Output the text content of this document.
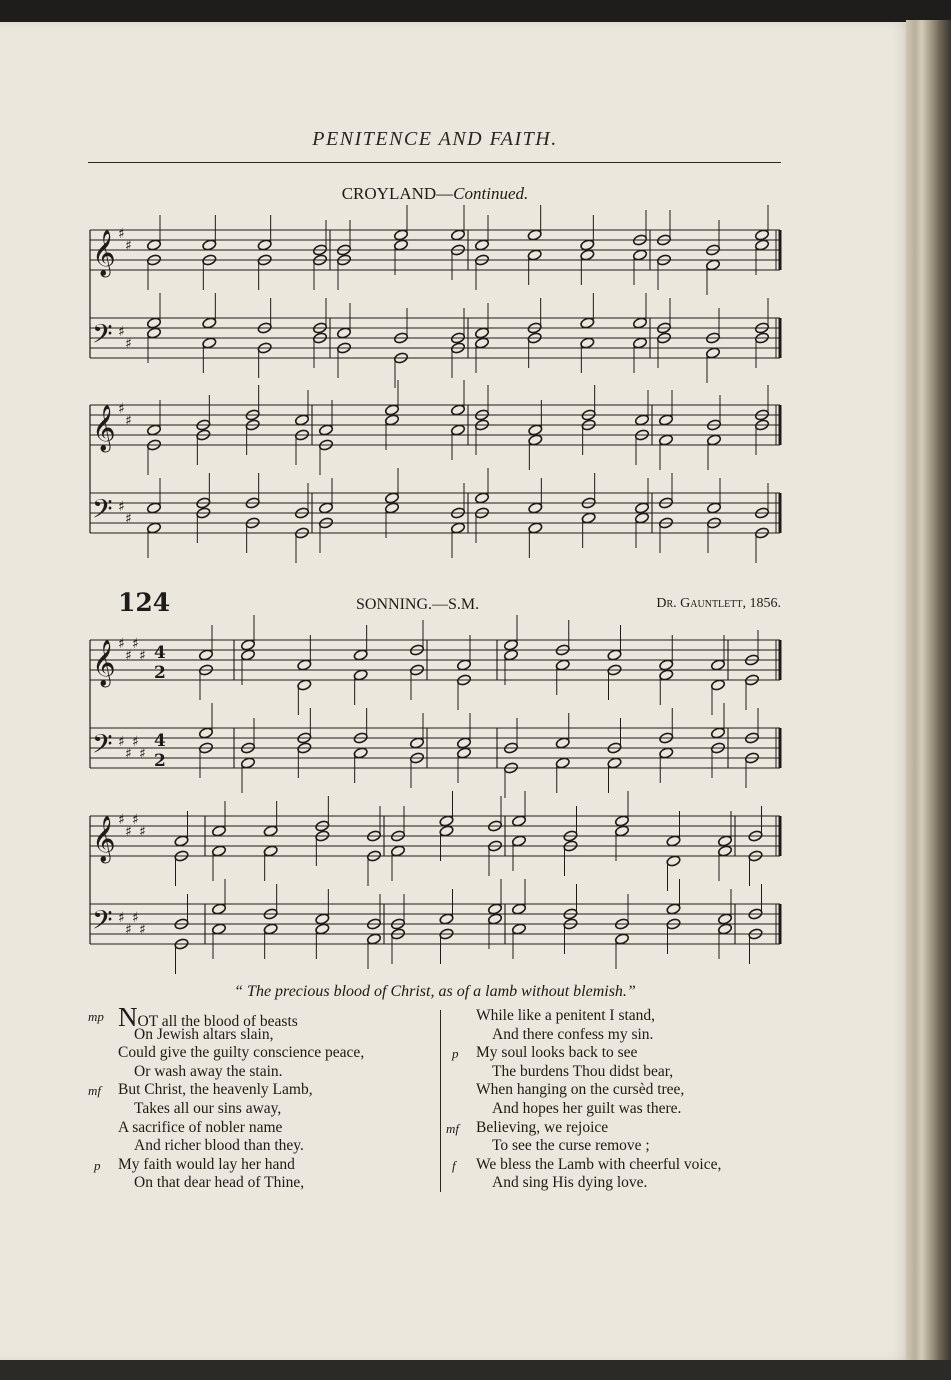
PENITENCE AND FAITH.
CROYLAND—Continued.
𝄞
𝄢
♯
♯
♯
♯
𝄞
𝄢
♯
♯
♯
♯
𝄞
𝄢
♯
♯
♯
♯
♯
♯
♯
♯
4
2
4
2
𝄞
𝄢
♯
♯
♯
♯
♯
♯
♯
♯
124	SONNING.—S.M.	Dr. Gauntlett, 1856.
“ The precious blood of Christ, as of a lamb without blemish.”
mp NOT all the blood of beasts
On Jewish altars slain,
Could give the guilty conscience peace,
Or wash away the stain.
mf But Christ, the heavenly Lamb,
Takes all our sins away,
A sacrifice of nobler name
And richer blood than they.
p My faith would lay her hand
On that dear head of Thine,
While like a penitent I stand,
And there confess my sin.
p My soul looks back to see
The burdens Thou didst bear,
When hanging on the cursèd tree,
And hopes her guilt was there.
mf Believing, we rejoice
To see the curse remove ;
f We bless the Lamb with cheerful voice,
And sing His dying love.
